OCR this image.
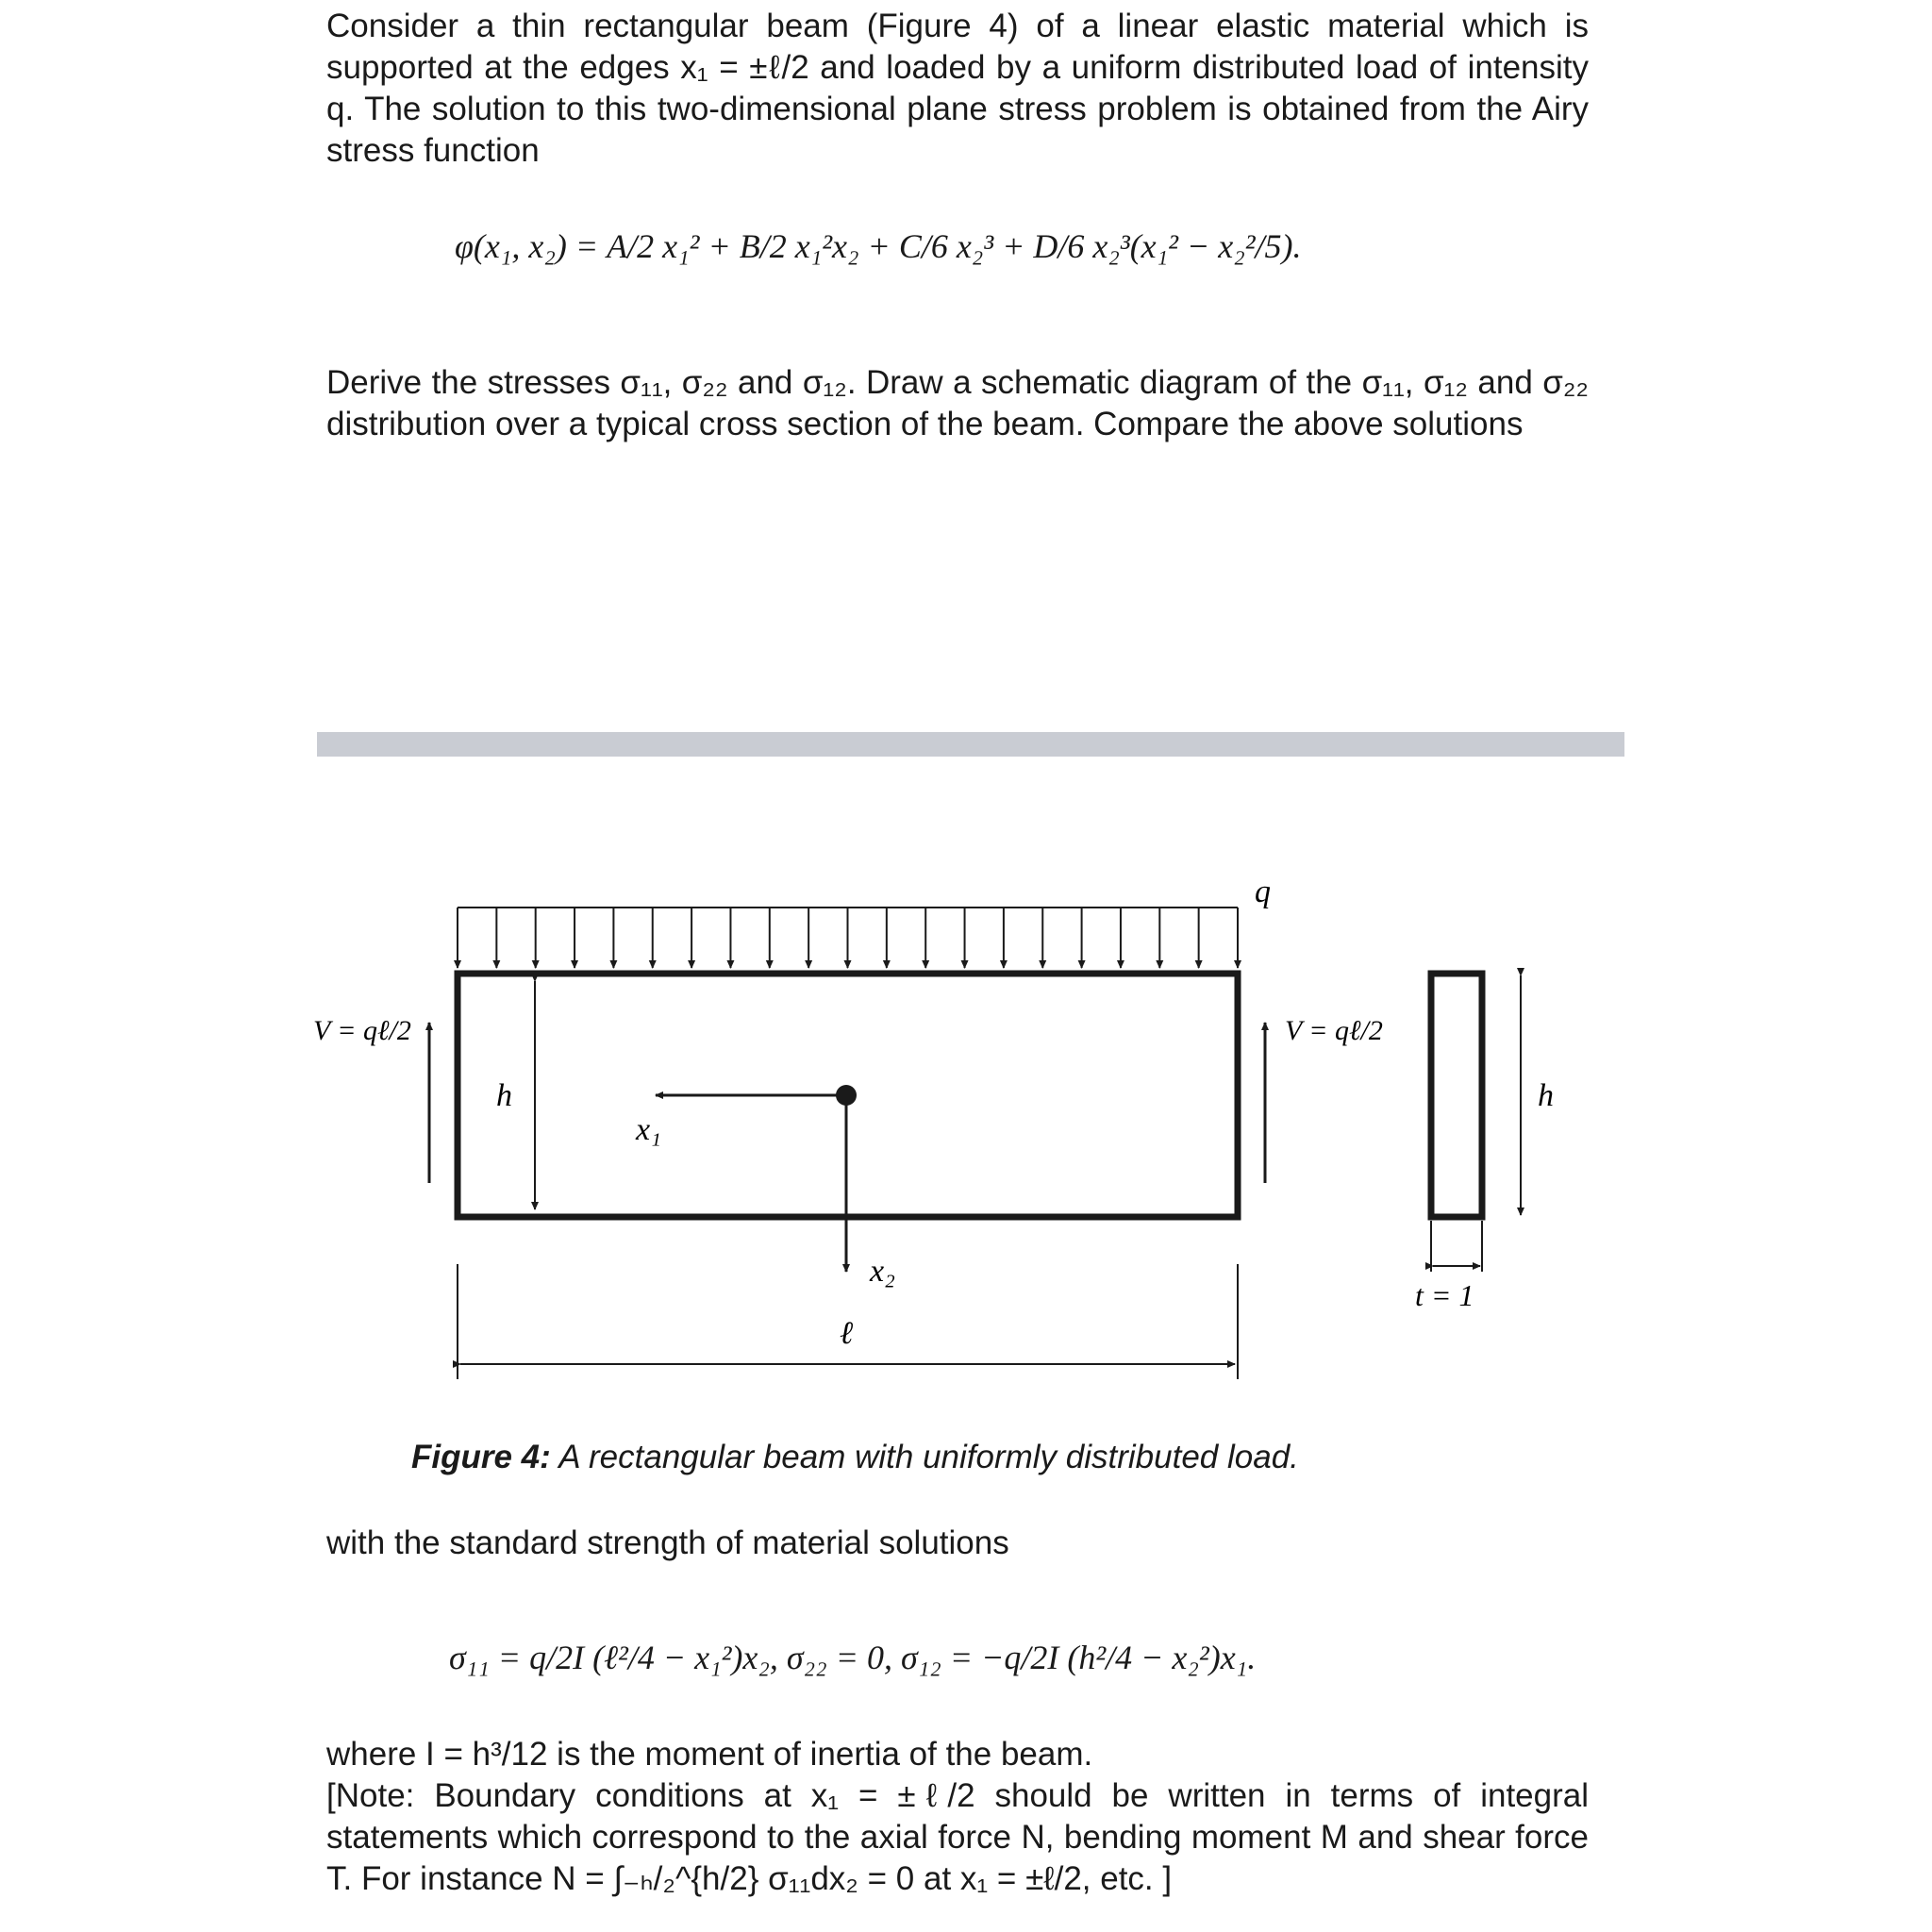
Consider a thin rectangular beam (Figure 4) of a linear elastic material which is supported at the edges x₁ = ±ℓ/2 and loaded by a uniform distributed load of intensity q. The solution to this two-dimensional plane stress problem is obtained from the Airy stress function

φ(x₁, x₂) = A/2 x₁² + B/2 x₁²x₂ + C/6 x₂³ + D/6 x₂³(x₁² − x₂²/5).

Derive the stresses σ₁₁, σ₂₂ and σ₁₂. Draw a schematic diagram of the σ₁₁, σ₁₂ and σ₂₂ distribution over a typical cross section of the beam. Compare the above solutions

q
h
x₁
x₂
V = qℓ/2	V = qℓ/2
ℓ
h
t = 1
Figure 4: A rectangular beam with uniformly distributed load.

with the standard strength of material solutions

σ₁₁ = q/2I (ℓ²/4 − x₁²)x₂, σ₂₂ = 0, σ₁₂ = −q/2I (h²/4 − x₂²)x₁.

where I = h³/12 is the moment of inertia of the beam.

[Note: Boundary conditions at x₁ = ±ℓ/2 should be written in terms of integral statements which correspond to the axial force N, bending moment M and shear force T. For instance N = ∫₋ₕ/₂^{h/2} σ₁₁dx₂ = 0 at x₁ = ±ℓ/2, etc. ]
